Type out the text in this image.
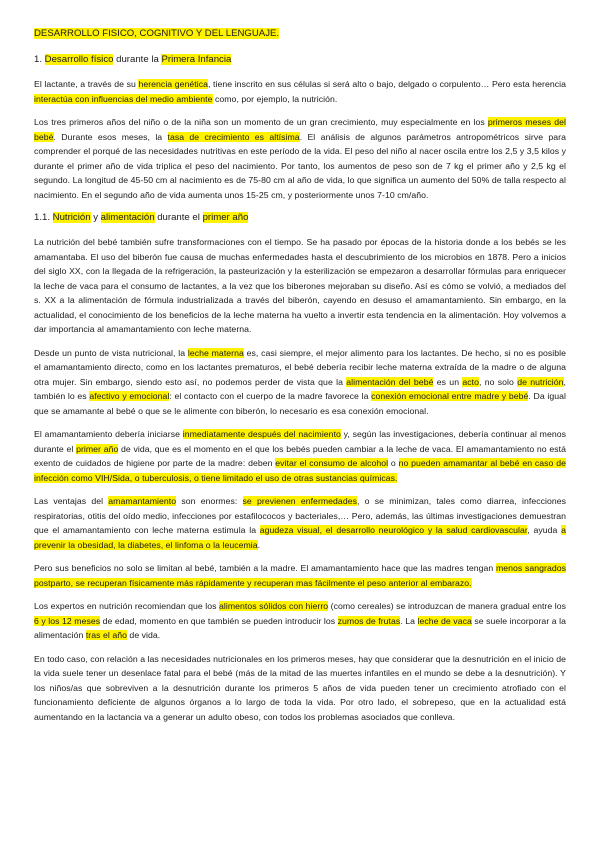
DESARROLLO FISICO, COGNITIVO Y DEL LENGUAJE.
1. Desarrollo físico durante la Primera Infancia

El lactante, a través de su herencia genética, tiene inscrito en sus células si será alto o bajo, delgado o corpulento… Pero esta herencia interactúa con influencias del medio ambiente como, por ejemplo, la nutrición.

Los tres primeros años del niño o de la niña son un momento de un gran crecimiento, muy especialmente en los primeros meses del bebé. Durante esos meses, la tasa de crecimiento es altísima. El análisis de algunos parámetros antropométricos sirve para comprender el porqué de las necesidades nutritivas en este período de la vida. El peso del niño al nacer oscila entre los 2,5 y 3,5 kilos y durante el primer año de vida triplica el peso del nacimiento. Por tanto, los aumentos de peso son de 7 kg el primer año y 2,5 kg el segundo. La longitud de 45-50 cm al nacimiento es de 75-80 cm al año de vida, lo que significa un aumento del 50% de talla respecto al nacimiento. En el segundo año de vida aumenta unos 15-25 cm, y posteriormente unos 7-10 cm/año.

1.1. Nutrición y alimentación durante el primer año

La nutrición del bebé también sufre transformaciones con el tiempo. Se ha pasado por épocas de la historia donde a los bebés se les amamantaba. El uso del biberón fue causa de muchas enfermedades hasta el descubrimiento de los microbios en 1878. Pero a inicios del siglo XX, con la llegada de la refrigeración, la pasteurización y la esterilización se empezaron a desarrollar fórmulas para enriquecer la leche de vaca para el consumo de lactantes, a la vez que los biberones mejoraban su diseño. Así es cómo se volvió, a mediados del s. XX a la alimentación de fórmula industrializada a través del biberón, cayendo en desuso el amamantamiento. Sin embargo, en la actualidad, el conocimiento de los beneficios de la leche materna ha vuelto a invertir esta tendencia en la alimentación. Hoy volvemos a dar importancia al amamantamiento con leche materna.

Desde un punto de vista nutricional, la leche materna es, casi siempre, el mejor alimento para los lactantes. De hecho, si no es posible el amamantamiento directo, como en los lactantes prematuros, el bebé debería recibir leche materna extraída de la madre o de alguna otra mujer. Sin embargo, siendo esto así, no podemos perder de vista que la alimentación del bebé es un acto, no solo de nutrición, también lo es afectivo y emocional: el contacto con el cuerpo de la madre favorece la conexión emocional entre madre y bebé. Da igual que se amamante al bebé o que se le alimente con biberón, lo necesario es esa conexión emocional.

El amamantamiento debería iniciarse inmediatamente después del nacimiento y, según las investigaciones, debería continuar al menos durante el primer año de vida, que es el momento en el que los bebés pueden cambiar a la leche de vaca. El amamantamiento no está exento de cuidados de higiene por parte de la madre: deben evitar el consumo de alcohol o no pueden amamantar al bebé en caso de infección como VIH/Sida, o tuberculosis, o tiene limitado el uso de otras sustancias químicas.

Las ventajas del amamantamiento son enormes: se previenen enfermedades, o se minimizan, tales como diarrea, infecciones respiratorias, otitis del oído medio, infecciones por estafilococos y bacteriales,… Pero, además, las últimas investigaciones demuestran que el amamantamiento con leche materna estimula la agudeza visual, el desarrollo neurológico y la salud cardiovascular, ayuda a prevenir la obesidad, la diabetes, el linfoma o la leucemia.

Pero sus beneficios no solo se limitan al bebé, también a la madre. El amamantamiento hace que las madres tengan menos sangrados postparto, se recuperan físicamente más rápidamente y recuperan mas fácilmente el peso anterior al embarazo.

Los expertos en nutrición recomiendan que los alimentos sólidos con hierro (como cereales) se introduzcan de manera gradual entre los 6 y los 12 meses de edad, momento en que también se pueden introducir los zumos de frutas. La leche de vaca se suele incorporar a la alimentación tras el año de vida.

En todo caso, con relación a las necesidades nutricionales en los primeros meses, hay que considerar que la desnutrición en el inicio de la vida suele tener un desenlace fatal para el bebé (más de la mitad de las muertes infantiles en el mundo se debe a la desnutrición). Y los niños/as que sobreviven a la desnutrición durante los primeros 5 años de vida pueden tener un crecimiento atrofiado con el funcionamiento deficiente de algunos órganos a lo largo de toda la vida. Por otro lado, el sobrepeso, que en la actualidad está aumentando en la lactancia va a generar un adulto obeso, con todos los problemas asociados que conlleva.
